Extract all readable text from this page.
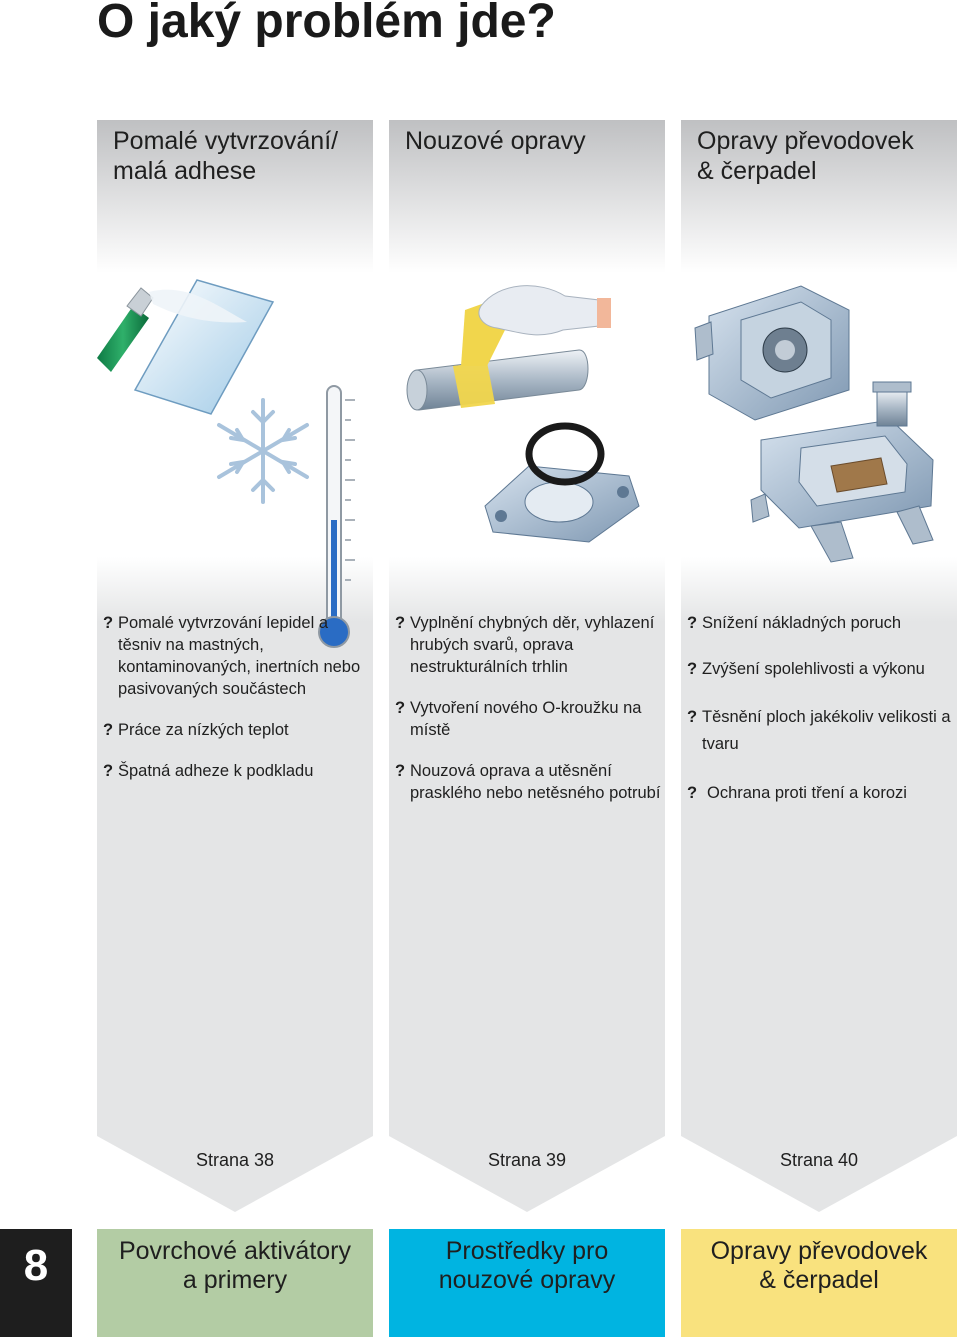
O jaký problém jde?
Pomalé vytvrzování/
malá adhese
? Pomalé vytvrzování lepidel a těsniv na mastných, kontaminovaných, inertních nebo pasivovaných součástech
? Práce za nízkých teplot
? Špatná adheze k podkladu
Strana 38
Nouzové opravy
? Vyplnění chybných děr, vyhlazení hrubých svarů, oprava nestrukturálních trhlin
? Vytvoření nového O-kroužku na místě
? Nouzová oprava a utěsnění prasklého nebo netěsného potrubí
Strana 39
Opravy převodovek
& čerpadel
? Snížení nákladných poruch
? Zvýšení spolehlivosti a výkonu
? Těsnění ploch jakékoliv velikosti a tvaru
? Ochrana proti tření a korozi
Strana 40
8	Povrchové aktivátory
a primery
Prostředky pro
nouzové opravy
Opravy převodovek
& čerpadel
